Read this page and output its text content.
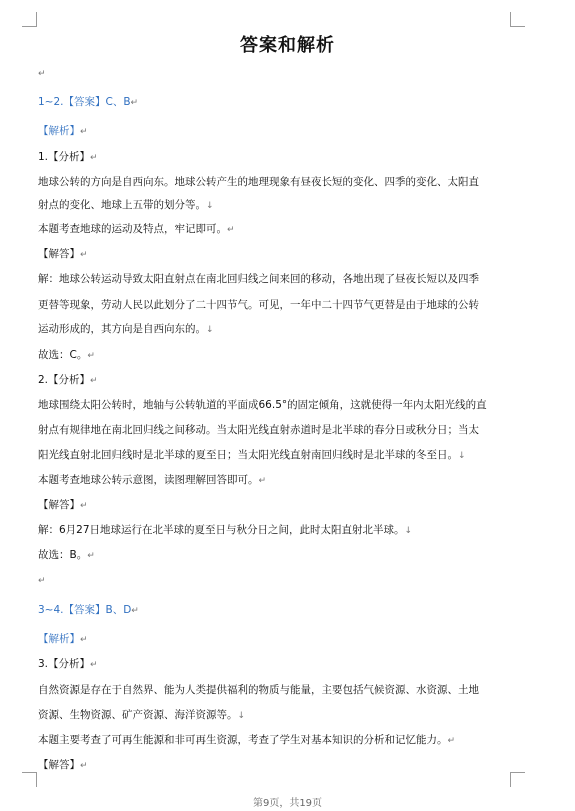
答案和解析
↵
1~2.【答案】C、B↵
【解析】↵
1.【分析】↵
地球公转的方向是自西向东。地球公转产生的地理现象有昼夜长短的变化、四季的变化、太阳直
射点的变化、地球上五带的划分等。↓
本题考查地球的运动及特点，牢记即可。↵
【解答】↵
解：地球公转运动导致太阳直射点在南北回归线之间来回的移动，各地出现了昼夜长短以及四季
更替等现象，劳动人民以此划分了二十四节气。可见，一年中二十四节气更替是由于地球的公转
运动形成的，其方向是自西向东的。↓
故选：C。↵
2.【分析】↵
地球围绕太阳公转时，地轴与公转轨道的平面成66.5°的固定倾角，这就使得一年内太阳光线的直
射点有规律地在南北回归线之间移动。当太阳光线直射赤道时是北半球的春分日或秋分日；当太
阳光线直射北回归线时是北半球的夏至日；当太阳光线直射南回归线时是北半球的冬至日。↓
本题考查地球公转示意图，读图理解回答即可。↵
【解答】↵
解：6月27日地球运行在北半球的夏至日与秋分日之间，此时太阳直射北半球。↓
故选：B。↵
↵
3~4.【答案】B、D↵
【解析】↵
3.【分析】↵
自然资源是存在于自然界、能为人类提供福利的物质与能量，主要包括气候资源、水资源、土地
资源、生物资源、矿产资源、海洋资源等。↓
本题主要考查了可再生能源和非可再生资源，考查了学生对基本知识的分析和记忆能力。↵
【解答】↵
第9页，共19页
